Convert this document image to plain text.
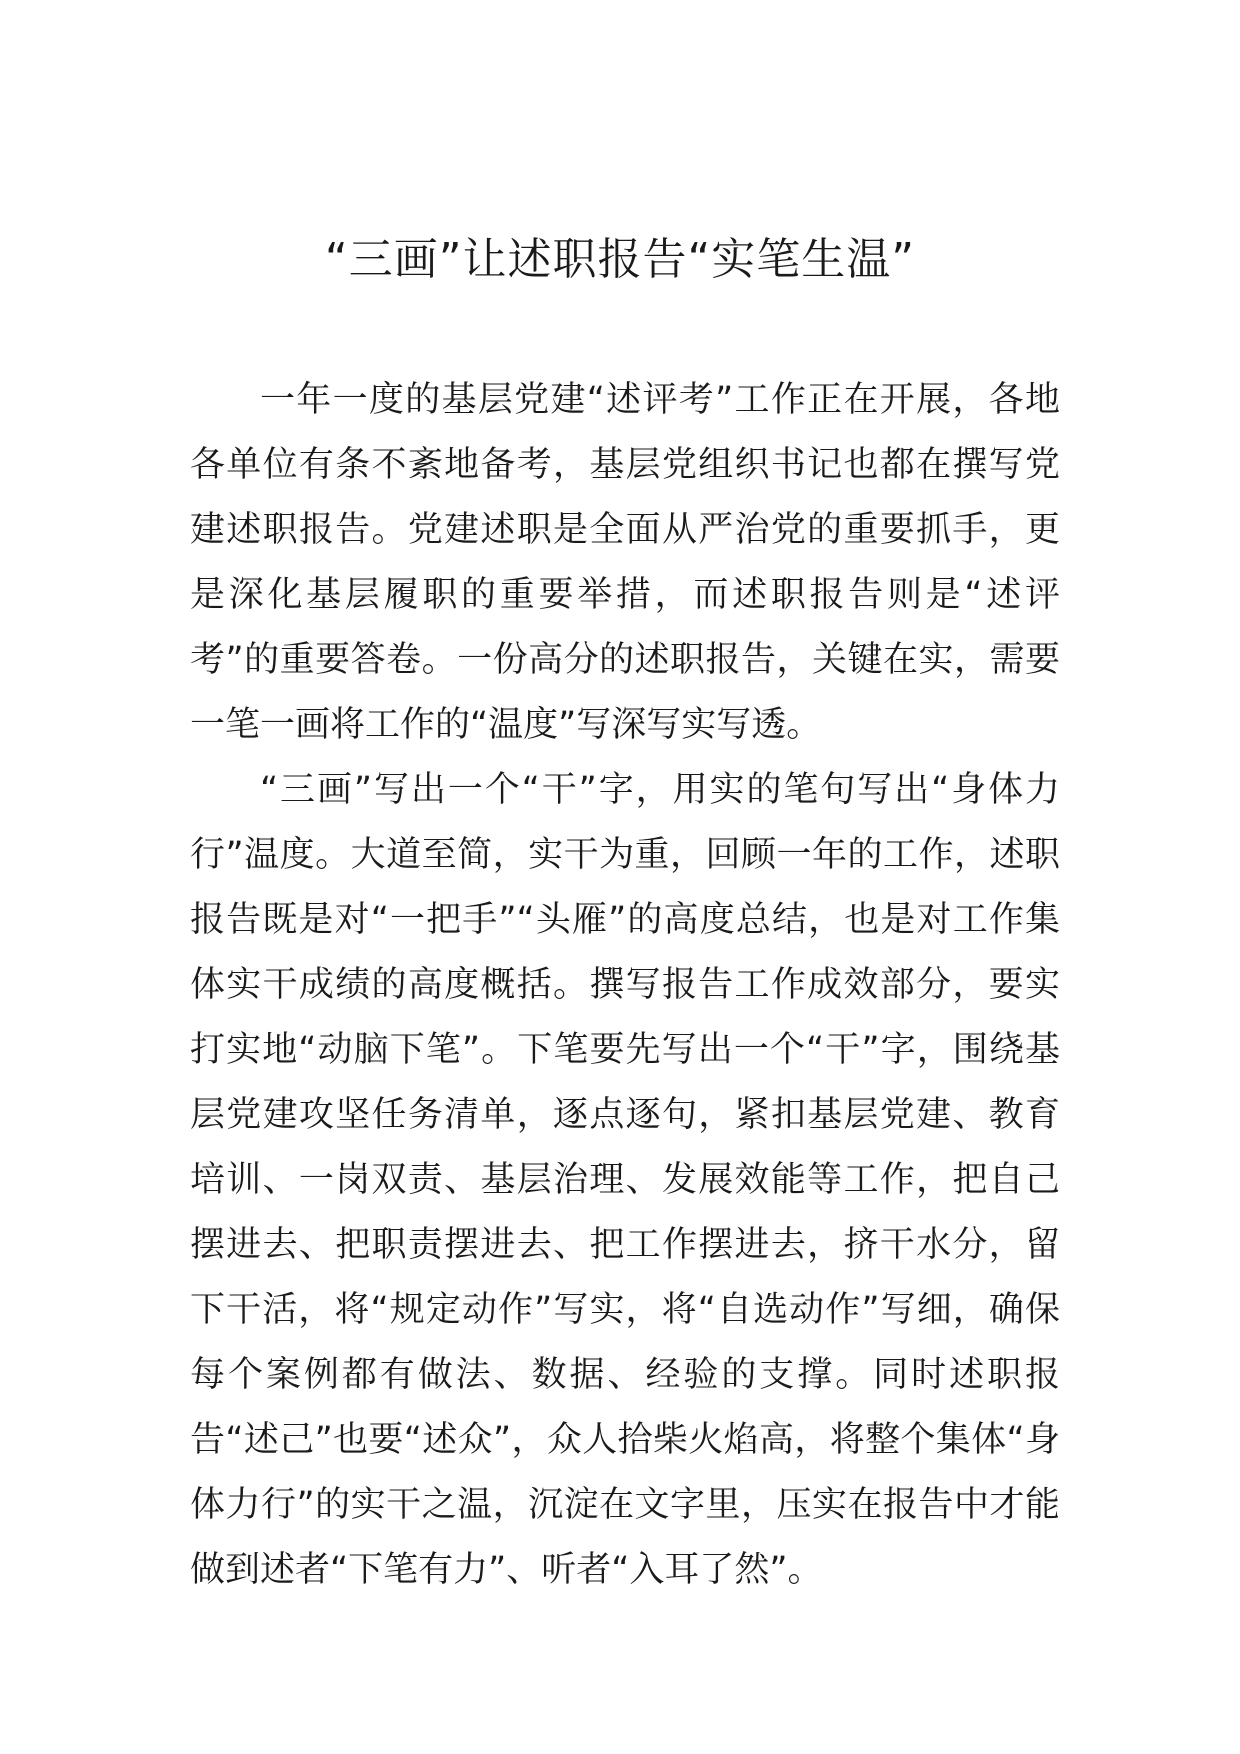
“三画”让述职报告“实笔生温”

一年一度的基层党建“述评考”工作正在开展，各地各单位有条不紊地备考，基层党组织书记也都在撰写党建述职报告。党建述职是全面从严治党的重要抓手，更是深化基层履职的重要举措，而述职报告则是“述评考”的重要答卷。一份高分的述职报告，关键在实，需要一笔一画将工作的“温度”写深写实写透。

“三画”写出一个“干”字，用实的笔句写出“身体力行”温度。大道至简，实干为重，回顾一年的工作，述职报告既是对“一把手”“头雁”的高度总结，也是对工作集体实干成绩的高度概括。撰写报告工作成效部分，要实打实地“动脑下笔”。下笔要先写出一个“干”字，围绕基层党建攻坚任务清单，逐点逐句，紧扣基层党建、教育培训、一岗双责、基层治理、发展效能等工作，把自己摆进去、把职责摆进去、把工作摆进去，挤干水分，留下干活，将“规定动作”写实，将“自选动作”写细，确保每个案例都有做法、数据、经验的支撑。同时述职报告“述己”也要“述众”，众人拾柴火焰高，将整个集体“身体力行”的实干之温，沉淀在文字里，压实在报告中才能做到述者“下笔有力”、听者“入耳了然”。
